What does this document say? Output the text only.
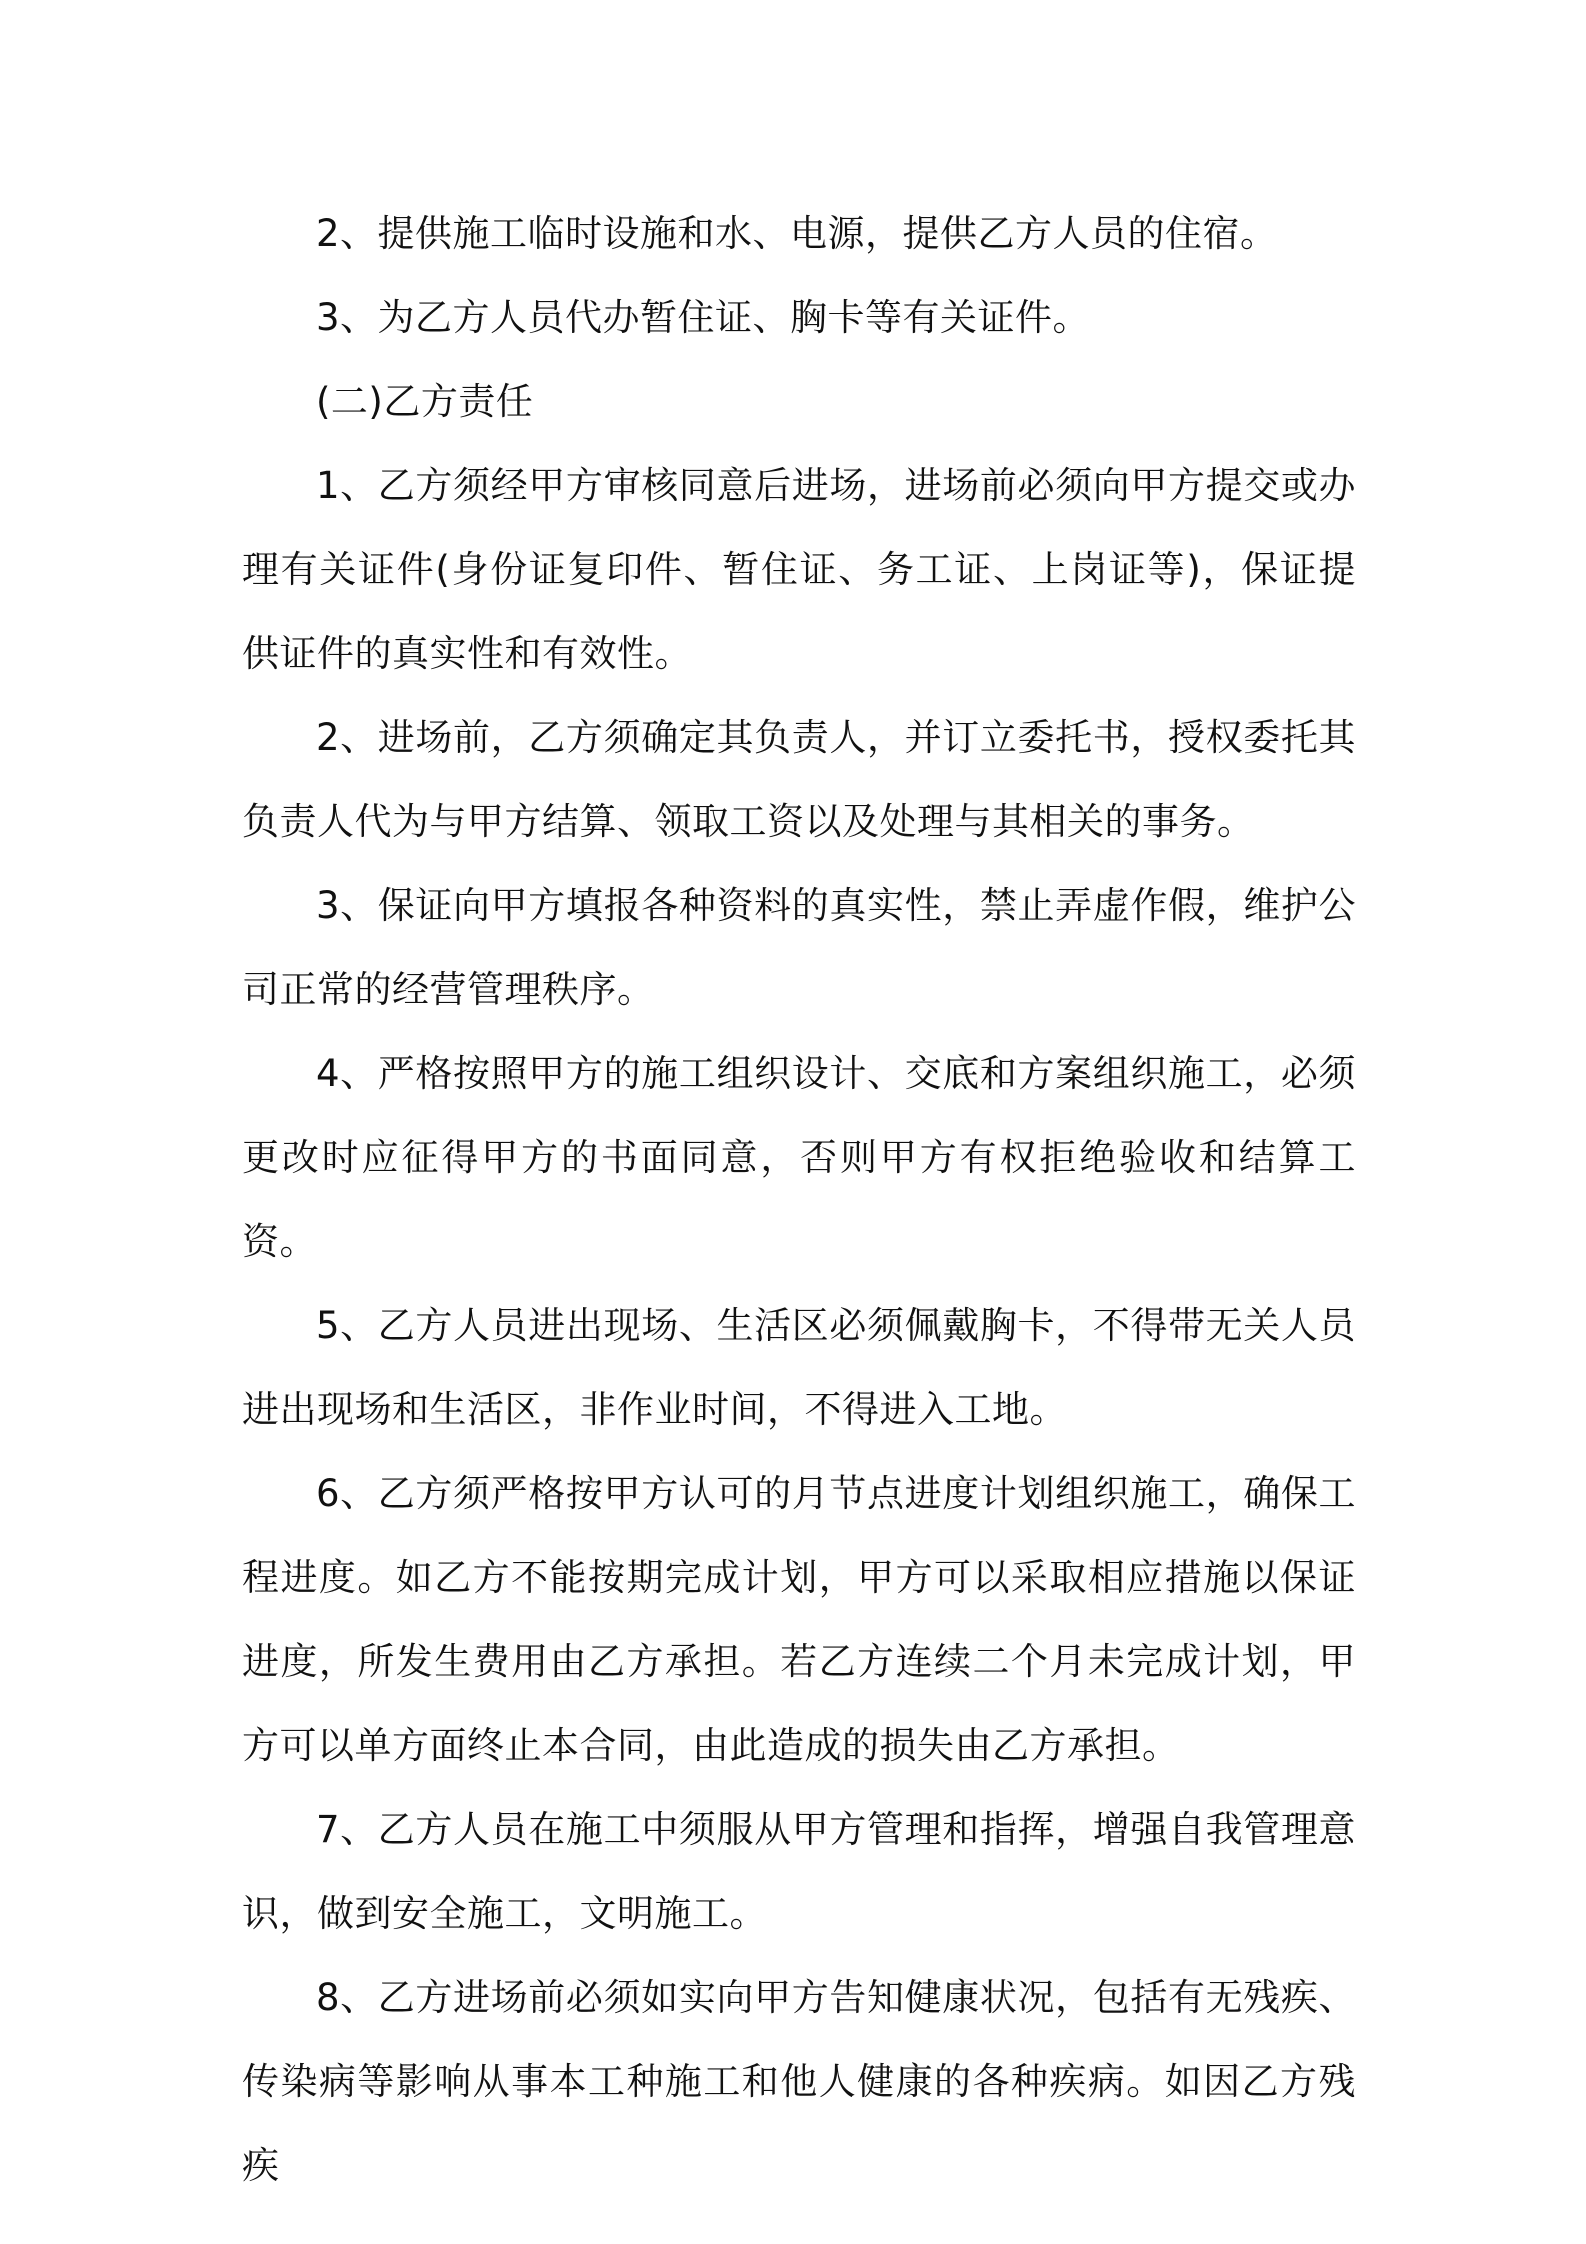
2、提供施工临时设施和水、电源，提供乙方人员的住宿。

3、为乙方人员代办暂住证、胸卡等有关证件。

(二)乙方责任

1、乙方须经甲方审核同意后进场，进场前必须向甲方提交或办理有关证件(身份证复印件、暂住证、务工证、上岗证等)，保证提供证件的真实性和有效性。

2、进场前，乙方须确定其负责人，并订立委托书，授权委托其负责人代为与甲方结算、领取工资以及处理与其相关的事务。

3、保证向甲方填报各种资料的真实性，禁止弄虚作假，维护公司正常的经营管理秩序。

4、严格按照甲方的施工组织设计、交底和方案组织施工，必须更改时应征得甲方的书面同意，否则甲方有权拒绝验收和结算工资。

5、乙方人员进出现场、生活区必须佩戴胸卡，不得带无关人员进出现场和生活区，非作业时间，不得进入工地。

6、乙方须严格按甲方认可的月节点进度计划组织施工，确保工程进度。如乙方不能按期完成计划，甲方可以采取相应措施以保证进度，所发生费用由乙方承担。若乙方连续二个月未完成计划，甲方可以单方面终止本合同，由此造成的损失由乙方承担。

7、乙方人员在施工中须服从甲方管理和指挥，增强自我管理意识，做到安全施工，文明施工。

8、乙方进场前必须如实向甲方告知健康状况，包括有无残疾、传染病等影响从事本工种施工和他人健康的各种疾病。如因乙方残疾
